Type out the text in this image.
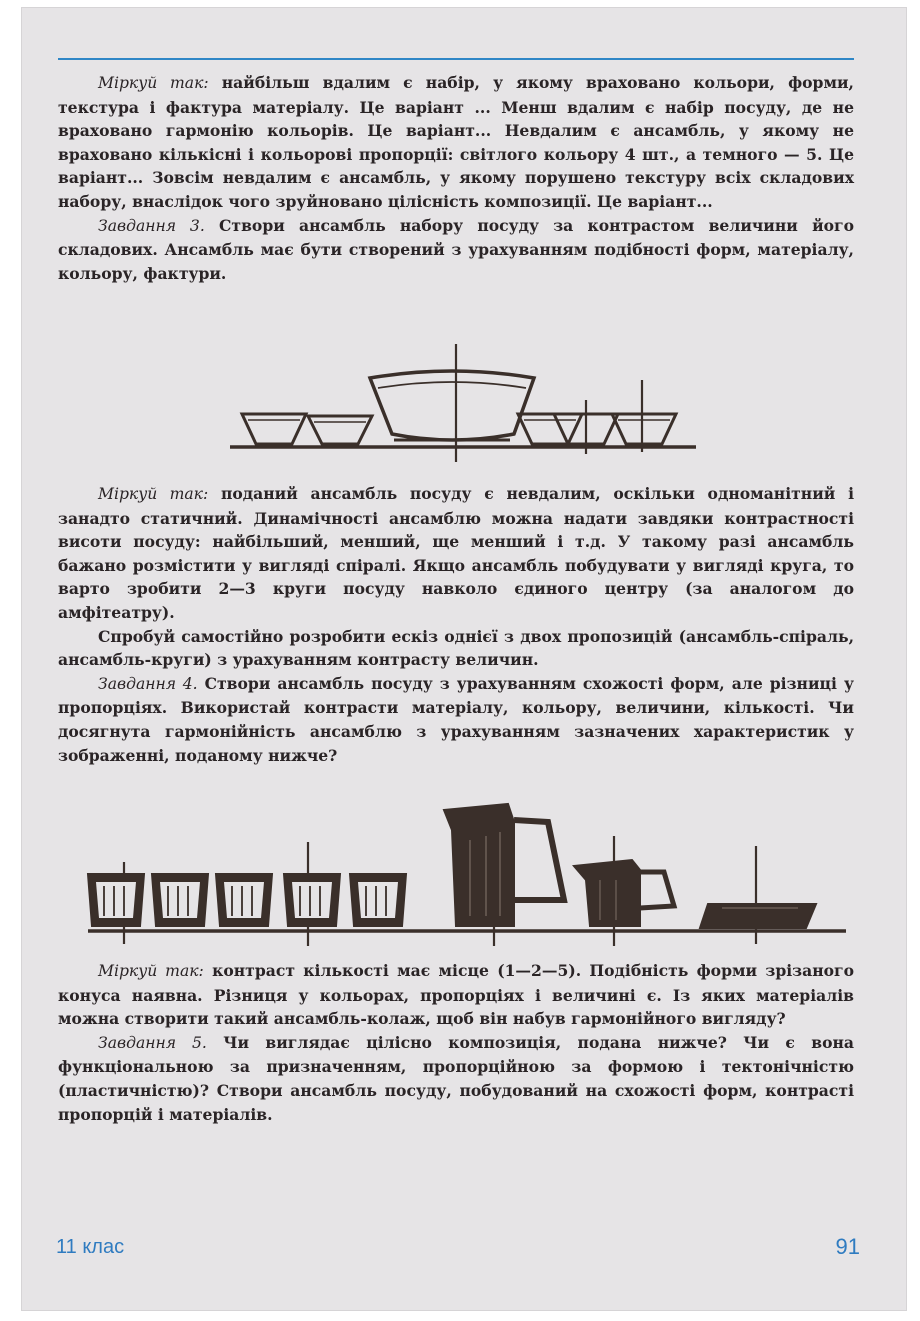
Міркуй так: найбільш вдалим є набір, у якому враховано кольори, форми, текстура і фактура матеріалу. Це варіант ... Менш вдалим є набір посуду, де не враховано гармонію кольорів. Це варіант... Невдалим є ансамбль, у якому не враховано кількісні і кольорові пропорції: світлого кольору 4 шт., а темного — 5. Це варіант... Зовсім невдалим є ансамбль, у якому порушено текстуру всіх складових набору, внаслідок чого зруйновано цілісність композиції. Це варіант...

Завдання 3. Створи ансамбль набору посуду за контрастом величини його складових. Ансамбль має бути створений з урахуванням подібності форм, матеріалу, кольору, фактури.

Міркуй так: поданий ансамбль посуду є невдалим, оскільки одноманітний і занадто статичний. Динамічності ансамблю можна надати завдяки контрастності висоти посуду: найбільший, менший, ще менший і т.д. У такому разі ансамбль бажано розмістити у вигляді спіралі. Якщо ансамбль побудувати у вигляді круга, то варто зробити 2—3 круги посуду навколо єдиного центру (за аналогом до амфітеатру).

Спробуй самостійно розробити ескіз однієї з двох пропозицій (ансамбль-спіраль, ансамбль-круги) з урахуванням контрасту величин.

Завдання 4. Створи ансамбль посуду з урахуванням схожості форм, але різниці у пропорціях. Використай контрасти матеріалу, кольору, величини, кількості. Чи досягнута гармонійність ансамблю з урахуванням зазначених характеристик у зображенні, поданому нижче?

Міркуй так: контраст кількості має місце (1—2—5). Подібність форми зрізаного конуса наявна. Різниця у кольорах, пропорціях і величині є. Із яких матеріалів можна створити такий ансамбль-колаж, щоб він набув гармонійного вигляду?

Завдання 5. Чи виглядає цілісно композиція, подана нижче? Чи є вона функціональною за призначенням, пропорційною за формою і тектонічністю (пластичністю)? Створи ансамбль посуду, побудований на схожості форм, контрасті пропорцій і матеріалів.

11 клас	91
